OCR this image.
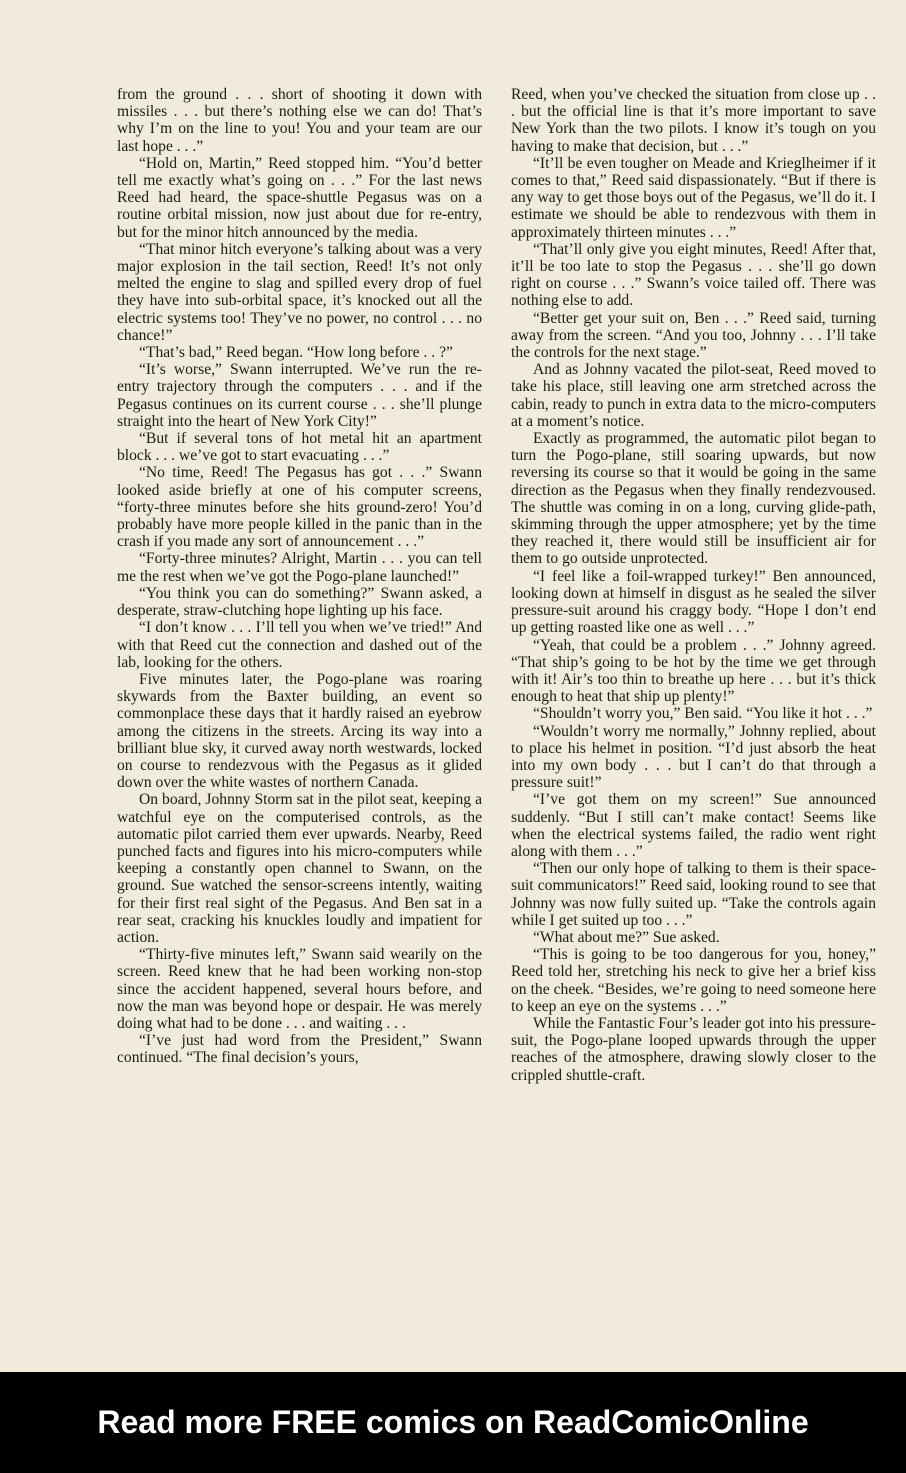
from the ground . . . short of shooting it down with missiles . . . but there’s nothing else we can do! That’s why I’m on the line to you! You and your team are our last hope . . .”

“Hold on, Martin,” Reed stopped him. “You’d better tell me exactly what’s going on . . .” For the last news Reed had heard, the space-shuttle Pegasus was on a routine orbital mission, now just about due for re-entry, but for the minor hitch announced by the media.

“That minor hitch everyone’s talking about was a very major explosion in the tail section, Reed! It’s not only melted the engine to slag and spilled every drop of fuel they have into sub-orbital space, it’s knocked out all the electric systems too! They’ve no power, no control . . . no chance!”

“That’s bad,” Reed began. “How long before . . ?”

“It’s worse,” Swann interrupted. We’ve run the re-entry trajectory through the computers . . . and if the Pegasus continues on its current course . . . she’ll plunge straight into the heart of New York City!”

“But if several tons of hot metal hit an apartment block . . . we’ve got to start evacuating . . .”

“No time, Reed! The Pegasus has got . . .” Swann looked aside briefly at one of his computer screens, “forty-three minutes before she hits ground-zero! You’d probably have more people killed in the panic than in the crash if you made any sort of announcement . . .”

“Forty-three minutes? Alright, Martin . . . you can tell me the rest when we’ve got the Pogo-plane launched!”

“You think you can do something?” Swann asked, a desperate, straw-clutching hope lighting up his face.

“I don’t know . . . I’ll tell you when we’ve tried!” And with that Reed cut the connection and dashed out of the lab, looking for the others.

Five minutes later, the Pogo-plane was roaring skywards from the Baxter building, an event so commonplace these days that it hardly raised an eyebrow among the citizens in the streets. Arcing its way into a brilliant blue sky, it curved away north westwards, locked on course to rendezvous with the Pegasus as it glided down over the white wastes of northern Canada.

On board, Johnny Storm sat in the pilot seat, keeping a watchful eye on the computerised controls, as the automatic pilot carried them ever upwards. Nearby, Reed punched facts and figures into his micro-computers while keeping a constantly open channel to Swann, on the ground. Sue watched the sensor-screens intently, waiting for their first real sight of the Pegasus. And Ben sat in a rear seat, cracking his knuckles loudly and impatient for action.

“Thirty-five minutes left,” Swann said wearily on the screen. Reed knew that he had been working non-stop since the accident happened, several hours before, and now the man was beyond hope or despair. He was merely doing what had to be done . . . and waiting . . .

“I’ve just had word from the President,” Swann continued. “The final decision’s yours,

Reed, when you’ve checked the situation from close up . . . but the official line is that it’s more important to save New York than the two pilots. I know it’s tough on you having to make that decision, but . . .”

“It’ll be even tougher on Meade and Krieglheimer if it comes to that,” Reed said dispassionately. “But if there is any way to get those boys out of the Pegasus, we’ll do it. I estimate we should be able to rendezvous with them in approximately thirteen minutes . . .”

“That’ll only give you eight minutes, Reed! After that, it’ll be too late to stop the Pegasus . . . she’ll go down right on course . . .” Swann’s voice tailed off. There was nothing else to add.

“Better get your suit on, Ben . . .” Reed said, turning away from the screen. “And you too, Johnny . . . I’ll take the controls for the next stage.”

And as Johnny vacated the pilot-seat, Reed moved to take his place, still leaving one arm stretched across the cabin, ready to punch in extra data to the micro-computers at a moment’s notice.

Exactly as programmed, the automatic pilot began to turn the Pogo-plane, still soaring upwards, but now reversing its course so that it would be going in the same direction as the Pegasus when they finally rendezvoused. The shuttle was coming in on a long, curving glide-path, skimming through the upper atmosphere; yet by the time they reached it, there would still be insufficient air for them to go outside unprotected.

“I feel like a foil-wrapped turkey!” Ben announced, looking down at himself in disgust as he sealed the silver pressure-suit around his craggy body. “Hope I don’t end up getting roasted like one as well . . .”

“Yeah, that could be a problem . . .” Johnny agreed. “That ship’s going to be hot by the time we get through with it! Air’s too thin to breathe up here . . . but it’s thick enough to heat that ship up plenty!”

“Shouldn’t worry you,” Ben said. “You like it hot . . .”

“Wouldn’t worry me normally,” Johnny replied, about to place his helmet in position. “I’d just absorb the heat into my own body . . . but I can’t do that through a pressure suit!”

“I’ve got them on my screen!” Sue announced suddenly. “But I still can’t make contact! Seems like when the electrical systems failed, the radio went right along with them . . .”

“Then our only hope of talking to them is their space-suit communicators!” Reed said, looking round to see that Johnny was now fully suited up. “Take the controls again while I get suited up too . . .”

“What about me?” Sue asked.

“This is going to be too dangerous for you, honey,” Reed told her, stretching his neck to give her a brief kiss on the cheek. “Besides, we’re going to need someone here to keep an eye on the systems . . .”

While the Fantastic Four’s leader got into his pressure-suit, the Pogo-plane looped upwards through the upper reaches of the atmosphere, drawing slowly closer to the crippled shuttle-craft.

Read more FREE comics on ReadComicOnline
